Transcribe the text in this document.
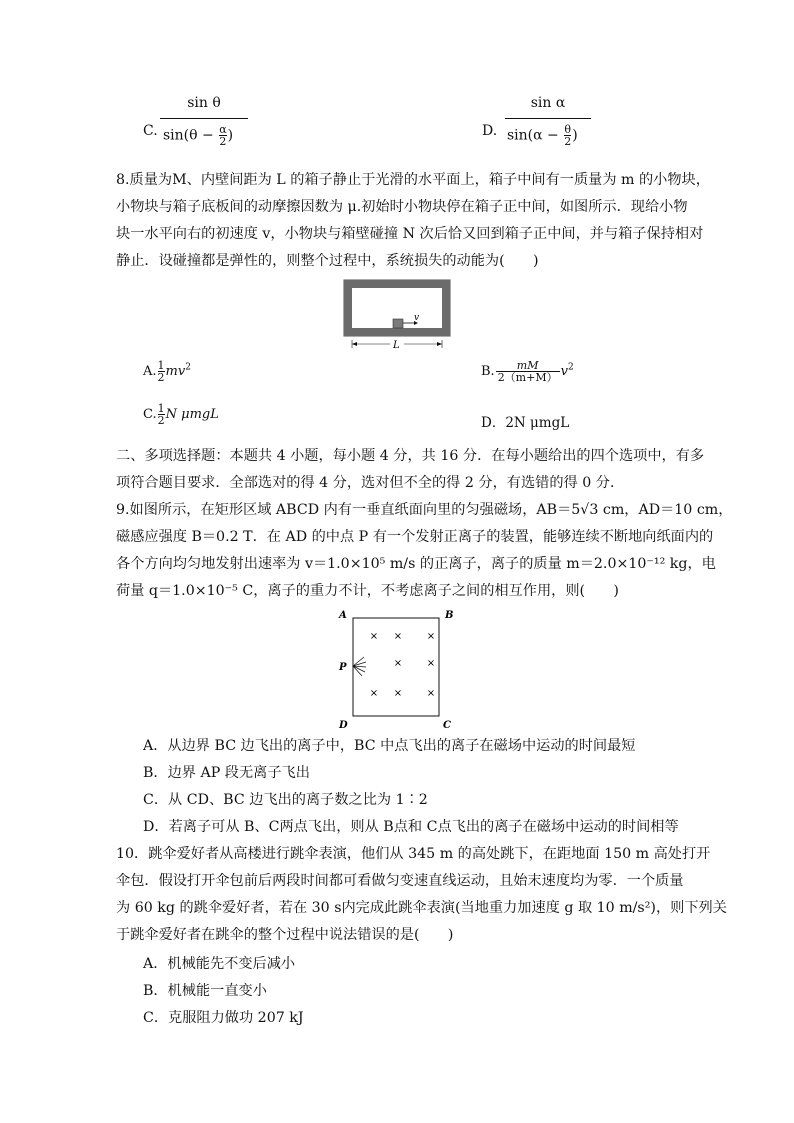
C.
sin θ
$\sin(\theta - \frac{\alpha}{2}$ )	D.
sin α
$\sin(\alpha - \frac{\theta}{2}$ )
8.质量为M、内壁间距为 L 的箱子静止于光滑的水平面上，箱子中间有一质量为 m 的小物块，
小物块与箱子底板间的动摩擦因数为 μ.初始时小物块停在箱子正中间，如图所示．现给小物
块一水平向右的初速度 v，小物块与箱壁碰撞 N 次后恰又回到箱子正中间，并与箱子保持相对
静止．设碰撞都是弹性的，则整个过程中，系统损失的动能为(　　)
v
L
A. $\frac{1}{2} mv^2$	B. $\frac{mM}{2(m+M)} v^2$
C. $\frac{1}{2}$ N μmgL
D．2N μmgL
二、多项选择题：本题共 4 小题，每小题 4 分，共 16 分．在每小题给出的四个选项中，有多
项符合题目要求．全部选对的得 4 分，选对但不全的得 2 分，有选错的得 0 分．
9.如图所示，在矩形区域 ABCD 内有一垂直纸面向里的匀强磁场，AB＝5√3 cm，AD＝10 cm，
磁感应强度 B＝0.2 T．在 AD 的中点 P 有一个发射正离子的装置，能够连续不断地向纸面内的
各个方向均匀地发射出速率为 v＝1.0×10⁵ m/s 的正离子，离子的质量 m＝2.0×10⁻¹² kg，电
荷量 q＝1.0×10⁻⁵ C，离子的重力不计，不考虑离子之间的相互作用，则(　　)
A	B
D	C
P
× × ×
× ×
× × ×
A．从边界 BC 边飞出的离子中，BC 中点飞出的离子在磁场中运动的时间最短
B．边界 AP 段无离子飞出
C．从 CD、BC 边飞出的离子数之比为 1∶2
D．若离子可从 B、C两点飞出，则从 B点和 C点飞出的离子在磁场中运动的时间相等
10．跳伞爱好者从高楼进行跳伞表演，他们从 345 m 的高处跳下，在距地面 150 m 高处打开
伞包．假设打开伞包前后两段时间都可看做匀变速直线运动，且始末速度均为零．一个质量
为 60 kg 的跳伞爱好者，若在 30 s内完成此跳伞表演(当地重力加速度 g 取 10 m/s²)，则下列关
于跳伞爱好者在跳伞的整个过程中说法错误的是(　　)
A．机械能先不变后减小
B．机械能一直变小
C．克服阻力做功 207 kJ
